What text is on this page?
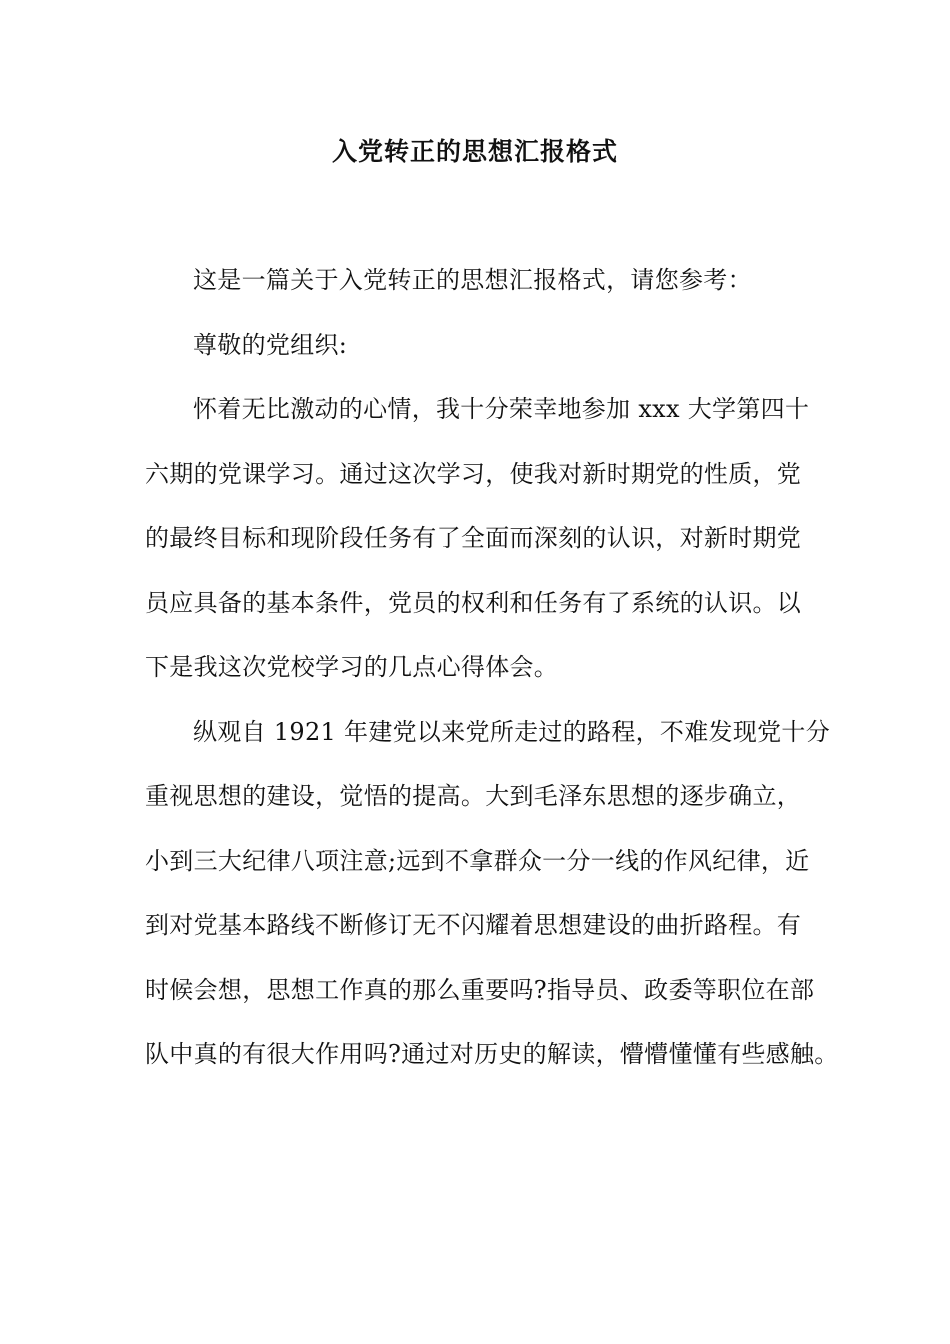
入党转正的思想汇报格式
这是一篇关于入党转正的思想汇报格式，请您参考：
尊敬的党组织:
怀着无比激动的心情，我十分荣幸地参加 xxx 大学第四十
六期的党课学习。通过这次学习，使我对新时期党的性质，党
的最终目标和现阶段任务有了全面而深刻的认识，对新时期党
员应具备的基本条件，党员的权利和任务有了系统的认识。以
下是我这次党校学习的几点心得体会。
纵观自 1921 年建党以来党所走过的路程，不难发现党十分
重视思想的建设，觉悟的提高。大到毛泽东思想的逐步确立，
小到三大纪律八项注意;远到不拿群众一分一线的作风纪律，近
到对党基本路线不断修订无不闪耀着思想建设的曲折路程。有
时候会想，思想工作真的那么重要吗?指导员、政委等职位在部
队中真的有很大作用吗?通过对历史的解读，懵懵懂懂有些感触。
